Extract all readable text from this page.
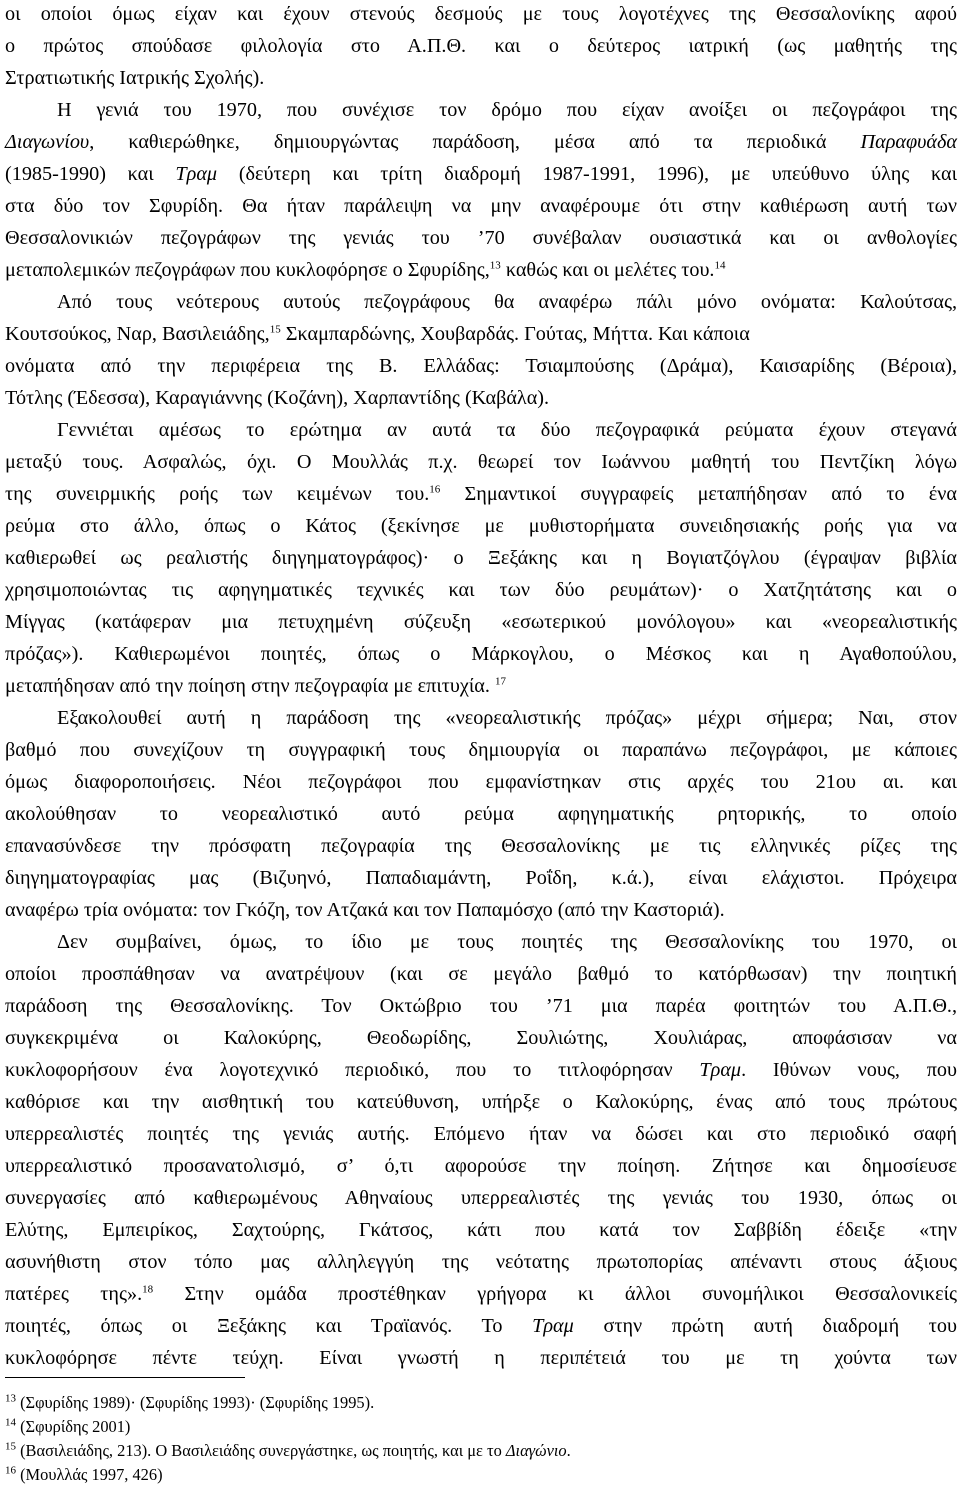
οι οποίοι όμως είχαν και έχουν στενούς δεσμούς με τους λογοτέχνες της Θεσσαλονίκης αφού
ο πρώτος σπούδασε φιλολογία στο Α.Π.Θ. και ο δεύτερος ιατρική (ως μαθητής της
Στρατιωτικής Ιατρικής Σχολής).
Η γενιά του 1970, που συνέχισε τον δρόμο που είχαν ανοίξει οι πεζογράφοι της
Διαγωνίου, καθιερώθηκε, δημιουργώντας παράδοση, μέσα από τα περιοδικά Παραφυάδα
(1985-1990) και Τραμ (δεύτερη και τρίτη διαδρομή 1987-1991, 1996), με υπεύθυνο ύλης και
στα δύο τον Σφυρίδη. Θα ήταν παράλειψη να μην αναφέρουμε ότι στην καθιέρωση αυτή των
Θεσσαλονικιών πεζογράφων της γενιάς του ’70 συνέβαλαν ουσιαστικά και οι ανθολογίες
μεταπολεμικών πεζογράφων που κυκλοφόρησε ο Σφυρίδης,$^{13}$ καθώς και οι μελέτες του.$^{14}$
Από τους νεότερους αυτούς πεζογράφους θα αναφέρω πάλι μόνο ονόματα: Καλούτσας,
Κουτσούκος, Ναρ, Βασιλειάδης,$^{15}$ Σκαμπαρδώνης, Χουβαρδάς. Γούτας, Μήττα. Και κάποια
ονόματα από την περιφέρεια της Β. Ελλάδας: Τσιαμπούσης (Δράμα), Καισαρίδης (Βέροια),
Τότλης (Έδεσσα), Καραγιάννης (Κοζάνη), Χαρπαντίδης (Καβάλα).
Γεννιέται αμέσως το ερώτημα αν αυτά τα δύο πεζογραφικά ρεύματα έχουν στεγανά
μεταξύ τους. Ασφαλώς, όχι. Ο Μουλλάς π.χ. θεωρεί τον Ιωάννου μαθητή του Πεντζίκη λόγω
της συνειρμικής ροής των κειμένων του.$^{16}$ Σημαντικοί συγγραφείς μεταπήδησαν από το ένα
ρεύμα στο άλλο, όπως ο Κάτος (ξεκίνησε με μυθιστορήματα συνειδησιακής ροής για να
καθιερωθεί ως ρεαλιστής διηγηματογράφος)· ο Ξεξάκης και η Βογιατζόγλου (έγραψαν βιβλία
χρησιμοποιώντας τις αφηγηματικές τεχνικές και των δύο ρευμάτων)· ο Χατζητάτσης και ο
Μίγγας (κατάφεραν μια πετυχημένη σύζευξη «εσωτερικού μονόλογου» και «νεορεαλιστικής
πρόζας»). Καθιερωμένοι ποιητές, όπως ο Μάρκογλου, ο Μέσκος και η Αγαθοπούλου,
μεταπήδησαν από την ποίηση στην πεζογραφία με επιτυχία. $^{17}$
Εξακολουθεί αυτή η παράδοση της «νεορεαλιστικής πρόζας» μέχρι σήμερα; Ναι, στον
βαθμό που συνεχίζουν τη συγγραφική τους δημιουργία οι παραπάνω πεζογράφοι, με κάποιες
όμως διαφοροποιήσεις. Νέοι πεζογράφοι που εμφανίστηκαν στις αρχές του 21ου αι. και
ακολούθησαν το νεορεαλιστικό αυτό ρεύμα αφηγηματικής ρητορικής, το οποίο
επανασύνδεσε την πρόσφατη πεζογραφία της Θεσσαλονίκης με τις ελληνικές ρίζες της
διηγηματογραφίας μας (Βιζυηνό, Παπαδιαμάντη, Ροΐδη, κ.ά.), είναι ελάχιστοι. Πρόχειρα
αναφέρω τρία ονόματα: τον Γκόζη, τον Ατζακά και τον Παπαμόσχο (από την Καστοριά).
Δεν συμβαίνει, όμως, το ίδιο με τους ποιητές της Θεσσαλονίκης του 1970, οι
οποίοι προσπάθησαν να ανατρέψουν (και σε μεγάλο βαθμό το κατόρθωσαν) την ποιητική
παράδοση της Θεσσαλονίκης. Τον Οκτώβριο του ’71 μια παρέα φοιτητών του Α.Π.Θ.,
συγκεκριμένα οι Καλοκύρης, Θεοδωρίδης, Σουλιώτης, Χουλιάρας, αποφάσισαν να
κυκλοφορήσουν ένα λογοτεχνικό περιοδικό, που το τιτλοφόρησαν Τραμ. Ιθύνων νους, που
καθόρισε και την αισθητική του κατεύθυνση, υπήρξε ο Καλοκύρης, ένας από τους πρώτους
υπερρεαλιστές ποιητές της γενιάς αυτής. Επόμενο ήταν να δώσει και στο περιοδικό σαφή
υπερρεαλιστικό προσανατολισμό, σ’ ό,τι αφορούσε την ποίηση. Ζήτησε και δημοσίευσε
συνεργασίες από καθιερωμένους Αθηναίους υπερρεαλιστές της γενιάς του 1930, όπως οι
Ελύτης, Εμπειρίκος, Σαχτούρης, Γκάτσος, κάτι που κατά τον Σαββίδη έδειξε «την
ασυνήθιστη στον τόπο μας αλληλεγγύη της νεότατης πρωτοπορίας απέναντι στους άξιους
πατέρες της».$^{18}$ Στην ομάδα προστέθηκαν γρήγορα κι άλλοι συνομήλικοι Θεσσαλονικείς
ποιητές, όπως οι Ξεξάκης και Τραϊανός. Το Τραμ στην πρώτη αυτή διαδρομή του
κυκλοφόρησε πέντε τεύχη. Είναι γνωστή η περιπέτειά του με τη χούντα των
$^{13}$ (Σφυρίδης 1989)· (Σφυρίδης 1993)· (Σφυρίδης 1995).
$^{14}$ (Σφυρίδης 2001)
$^{15}$ (Βασιλειάδης, 213). Ο Βασιλειάδης συνεργάστηκε, ως ποιητής, και με το Διαγώνιο.
$^{16}$ (Μουλλάς 1997, 426)
